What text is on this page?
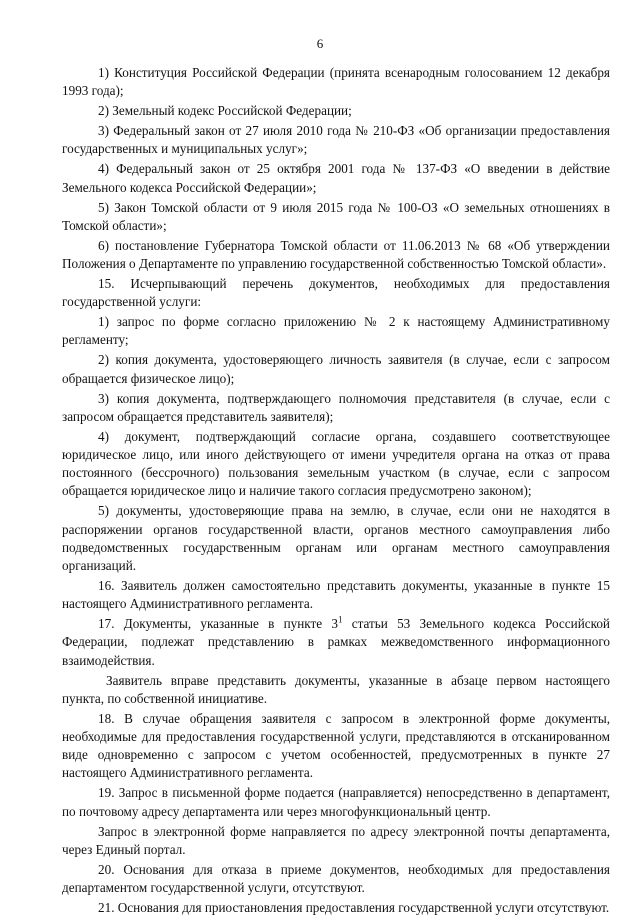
6

1) Конституция Российской Федерации (принята всенародным голосованием 12 декабря 1993 года);

2) Земельный кодекс Российской Федерации;

3) Федеральный закон от 27 июля 2010 года № 210-ФЗ «Об организации предоставления государственных и муниципальных услуг»;

4) Федеральный закон от 25 октября 2001 года № 137-ФЗ «О введении в действие Земельного кодекса Российской Федерации»;

5) Закон Томской области от 9 июля 2015 года № 100-ОЗ «О земельных отношениях в Томской области»;

6) постановление Губернатора Томской области от 11.06.2013 № 68 «Об утверждении Положения о Департаменте по управлению государственной собственностью Томской области».

15. Исчерпывающий перечень документов, необходимых для предоставления государственной услуги:

1) запрос по форме согласно приложению № 2 к настоящему Административному регламенту;

2) копия документа, удостоверяющего личность заявителя (в случае, если с запросом обращается физическое лицо);

3) копия документа, подтверждающего полномочия представителя (в случае, если с запросом обращается представитель заявителя);

4) документ, подтверждающий согласие органа, создавшего соответствующее юридическое лицо, или иного действующего от имени учредителя органа на отказ от права постоянного (бессрочного) пользования земельным участком (в случае, если с запросом обращается юридическое лицо и наличие такого согласия предусмотрено законом);

5) документы, удостоверяющие права на землю, в случае, если они не находятся в распоряжении органов государственной власти, органов местного самоуправления либо подведомственных государственным органам или органам местного самоуправления организаций.

16. Заявитель должен самостоятельно представить документы, указанные в пункте 15 настоящего Административного регламента.

17. Документы, указанные в пункте $3^1$ статьи 53 Земельного кодекса Российской Федерации, подлежат представлению в рамках межведомственного информационного взаимодействия.

Заявитель вправе представить документы, указанные в абзаце первом настоящего пункта, по собственной инициативе.

18. В случае обращения заявителя с запросом в электронной форме документы, необходимые для предоставления государственной услуги, представляются в отсканированном виде одновременно с запросом с учетом особенностей, предусмотренных в пункте 27 настоящего Административного регламента.

19. Запрос в письменной форме подается (направляется) непосредственно в департамент, по почтовому адресу департамента или через многофункциональный центр.

Запрос в электронной форме направляется по адресу электронной почты департамента, через Единый портал.

20. Основания для отказа в приеме документов, необходимых для предоставления департаментом государственной услуги, отсутствуют.

21. Основания для приостановления предоставления государственной услуги отсутствуют.
